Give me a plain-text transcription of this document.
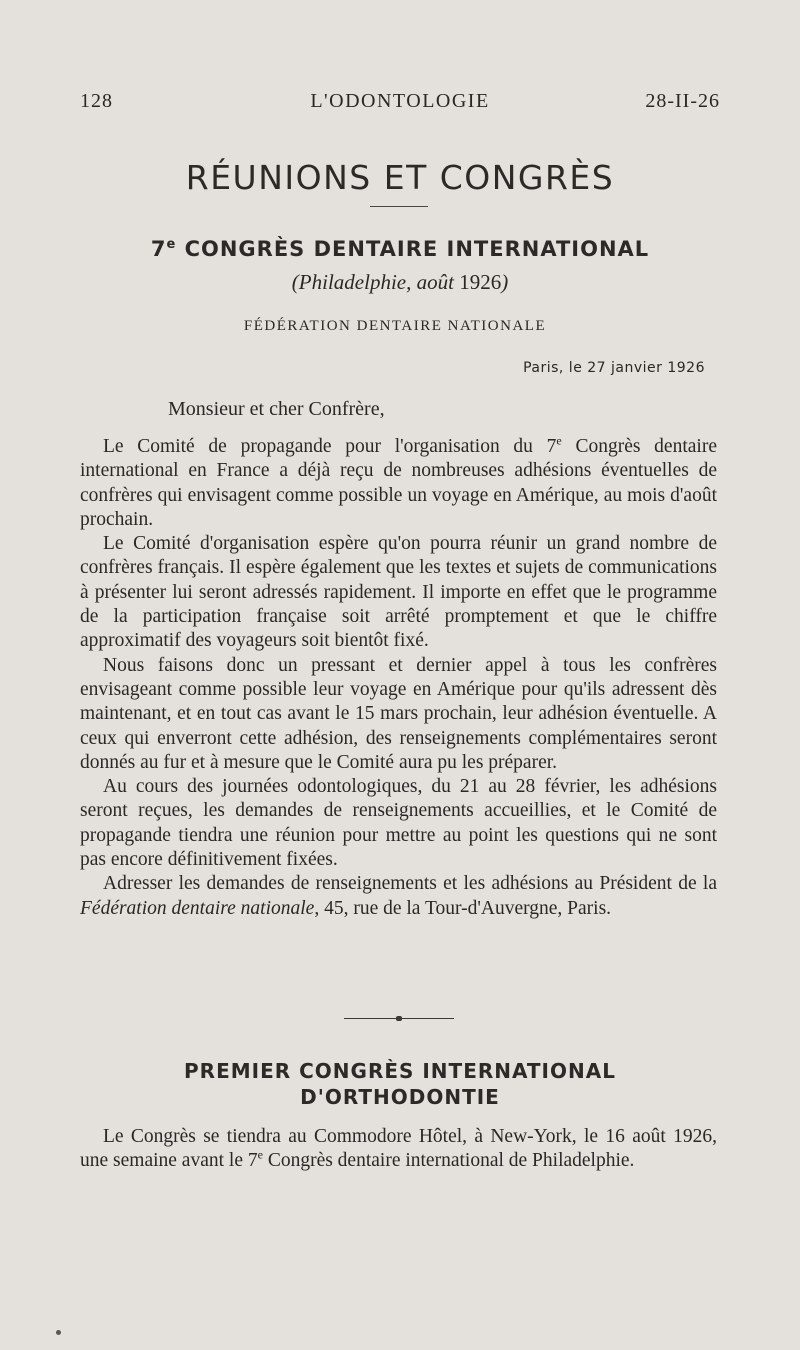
128	L'ODONTOLOGIE	28-II-26
RÉUNIONS ET CONGRÈS
7e CONGRÈS DENTAIRE INTERNATIONAL
(Philadelphie, août 1926)
FÉDÉRATION DENTAIRE NATIONALE
Paris, le 27 janvier 1926
Monsieur et cher Confrère,

Le Comité de propagande pour l'organisation du 7e Congrès dentaire international en France a déjà reçu de nombreuses adhésions éventuelles de confrères qui envisagent comme possible un voyage en Amérique, au mois d'août prochain.

Le Comité d'organisation espère qu'on pourra réunir un grand nombre de confrères français. Il espère également que les textes et sujets de communications à présenter lui seront adressés rapidement. Il importe en effet que le programme de la participation française soit arrêté promptement et que le chiffre approximatif des voyageurs soit bientôt fixé.

Nous faisons donc un pressant et dernier appel à tous les confrères envisageant comme possible leur voyage en Amérique pour qu'ils adressent dès maintenant, et en tout cas avant le 15 mars prochain, leur adhésion éventuelle. A ceux qui enverront cette adhésion, des renseignements complémentaires seront donnés au fur et à mesure que le Comité aura pu les préparer.

Au cours des journées odontologiques, du 21 au 28 février, les adhésions seront reçues, les demandes de renseignements accueillies, et le Comité de propagande tiendra une réunion pour mettre au point les questions qui ne sont pas encore définitivement fixées.

Adresser les demandes de renseignements et les adhésions au Président de la Fédération dentaire nationale, 45, rue de la Tour-d'Auvergne, Paris.

PREMIER CONGRÈS INTERNATIONAL
D'ORTHODONTIE

Le Congrès se tiendra au Commodore Hôtel, à New-York, le 16 août 1926, une semaine avant le 7e Congrès dentaire international de Philadelphie.
